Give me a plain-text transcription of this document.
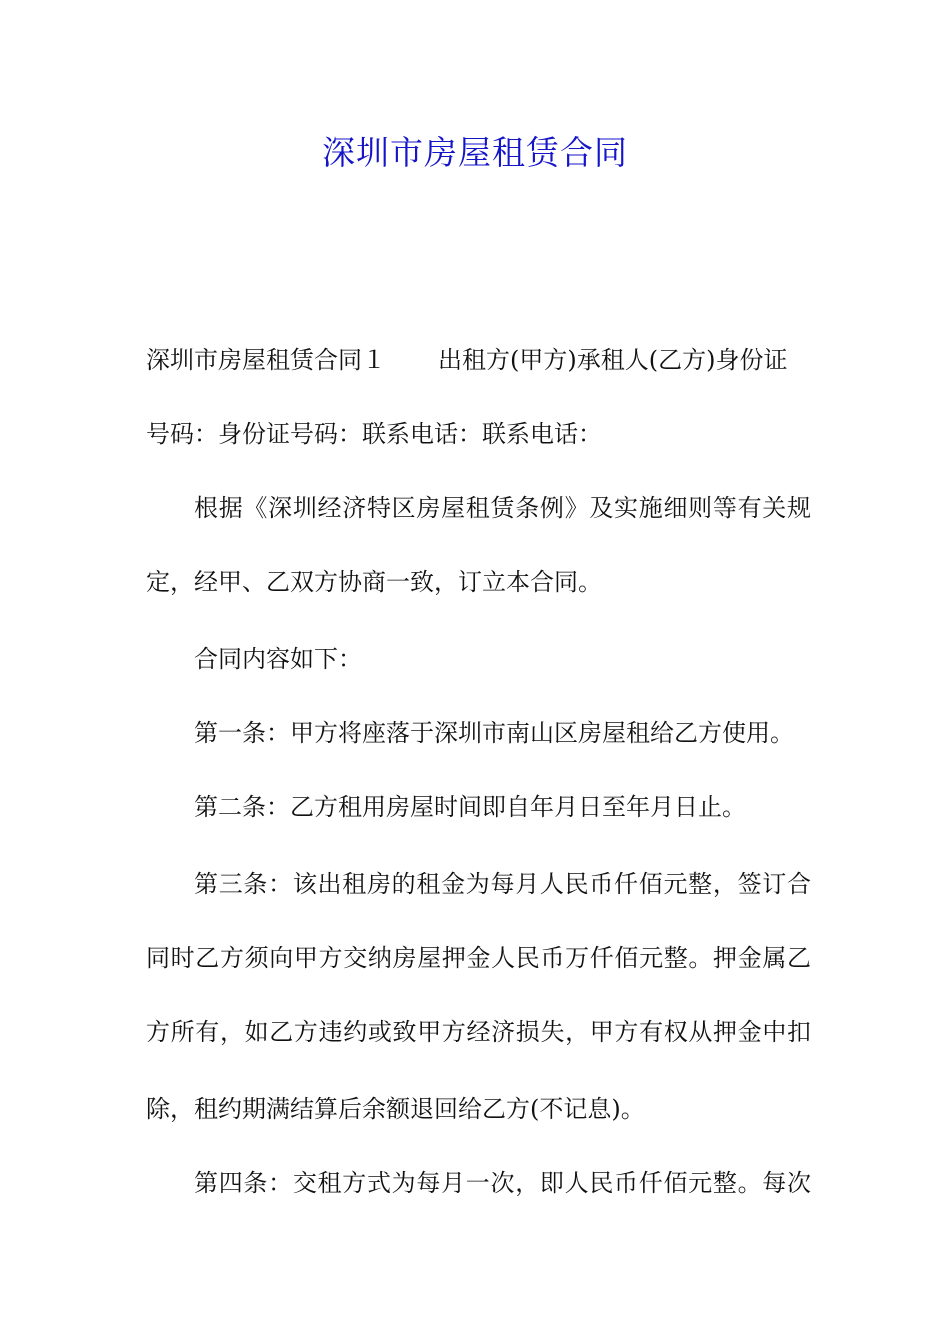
深圳市房屋租赁合同
深圳市房屋租赁合同１ 出租方(甲方)承租人(乙方)身份证
号码：身份证号码：联系电话：联系电话：
根据《深圳经济特区房屋租赁条例》及实施细则等有关规
定，经甲、乙双方协商一致，订立本合同。
合同内容如下：
第一条：甲方将座落于深圳市南山区房屋租给乙方使用。
第二条：乙方租用房屋时间即自年月日至年月日止。
第三条：该出租房的租金为每月人民币仟佰元整，签订合
同时乙方须向甲方交纳房屋押金人民币万仟佰元整。押金属乙
方所有，如乙方违约或致甲方经济损失，甲方有权从押金中扣
除，租约期满结算后余额退回给乙方(不记息)。
第四条：交租方式为每月一次，即人民币仟佰元整。每次
